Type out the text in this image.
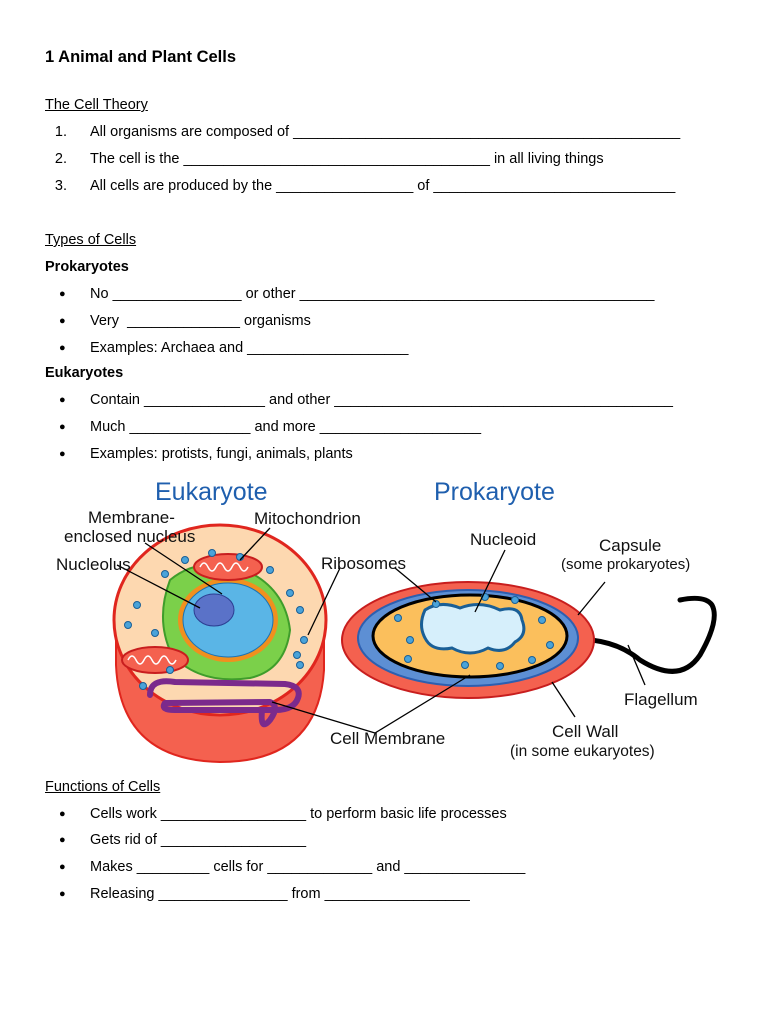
1 Animal and Plant Cells
The Cell Theory
1. All organisms are composed of ________________________________________________
2. The cell is the ______________________________________ in all living things
3. All cells are produced by the _________________ of ______________________________
Types of Cells
Prokaryotes
● No ________________ or other ____________________________________________
● Very  ______________ organisms
● Examples: Archaea and ____________________
Eukaryotes
● Contain _______________ and other __________________________________________
● Much _______________ and more ____________________
● Examples: protists, fungi, animals, plants
Eukaryote	Prokaryote
Membrane-
enclosed nucleus
Mitochondrion
Nucleolus	Ribosomes
Nucleoid	Capsule
(some prokaryotes)
Flagellum
Cell Membrane	Cell Wall
(in some eukaryotes)
Functions of Cells
● Cells work __________________ to perform basic life processes
● Gets rid of __________________
● Makes _________ cells for _____________ and _______________
● Releasing ________________ from __________________
